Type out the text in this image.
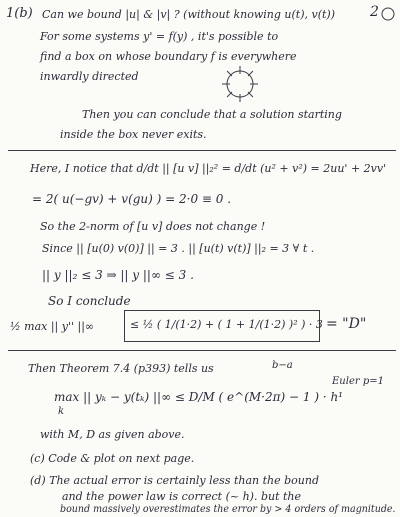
2
1(b) Can we bound |u| & |v| ? (without knowing u(t), v(t))
For some systems y' = f(y) , it's possible to
find a box on whose boundary f is everywhere
inwardly directed
Then you can conclude that a solution starting
inside the box never exits.
Here, I notice that d/dt || [u v] ||₂² = d/dt (u² + v²) = 2uu' + 2vv'
= 2( u(−gv) + v(gu) ) = 2·0 ≡ 0 .
So the 2-norm of [u v] does not change !
Since || [u(0) v(0)] || = 3 . || [u(t) v(t)] ||₂ = 3 ∀ t .
|| y ||₂ ≤ 3 ⇒ || y ||∞ ≤ 3 .
So I conclude
½ max || y'' ||∞	≤ ½ ( 1/(1·2) + ( 1 + 1/(1·2) )² ) · 3 = "D"
Then Theorem 7.4 (p393) tells us	b−a
Euler p=1
max || yₖ − y(tₖ) ||∞ ≤ D/M ( e^(M·2π) − 1 ) · h¹
k
with M, D as given above.
(c) Code & plot on next page.
(d) The actual error is certainly less than the bound
and the power law is correct (~ h). but the
bound massively overestimates the error by > 4 orders of magnitude.
